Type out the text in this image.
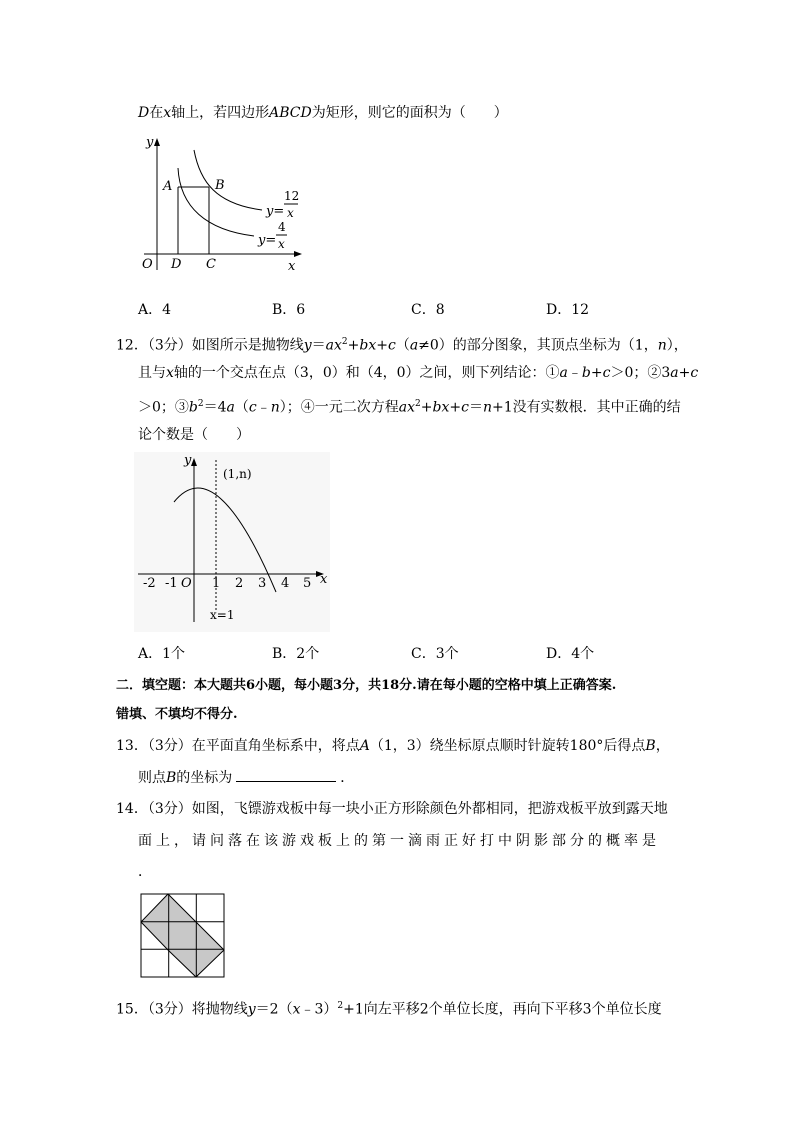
D在x轴上，若四边形ABCD为矩形，则它的面积为（　　）
y
x
O
A	B
D C
y=
12
x
y=
4
x
A．4	B．6	C．8	D．12
12．（3分）如图所示是抛物线$y=ax^2+bx+c(a\ne 0)$的部分图象，其顶点坐标为（1，n），
且与x轴的一个交点在点（3，0）和（4，0）之间，则下列结论：①a﹣b+c＞0；②3a+c
＞0；$③b^2=4a(c﹣n)$；④一元二次方程$ax^2+bx+c=n+1$没有实数根．其中正确的结
论个数是（　　）
y
x
O
(1,n)
x=1
-2 -1	1 2 3 4 5
A．1个	B．2个	C．3个	D．4个
二．填空题：本大题共6小题，每小题3分，共18分.请在每小题的空格中填上正确答案.
错填、不填均不得分.
13．（3分）在平面直角坐标系中，将点A（1，3）绕坐标原点顺时针旋转180°后得点B，
则点B的坐标为	．
14．（3分）如图，飞镖游戏板中每一块小正方形除颜色外都相同，把游戏板平放到露天地
面上，请问落在该游戏板上的第一滴雨正好打中阴影部分的概率是
．
15．（3分）将抛物线y＝2（x﹣3）$^2$+1向左平移2个单位长度，再向下平移3个单位长度
